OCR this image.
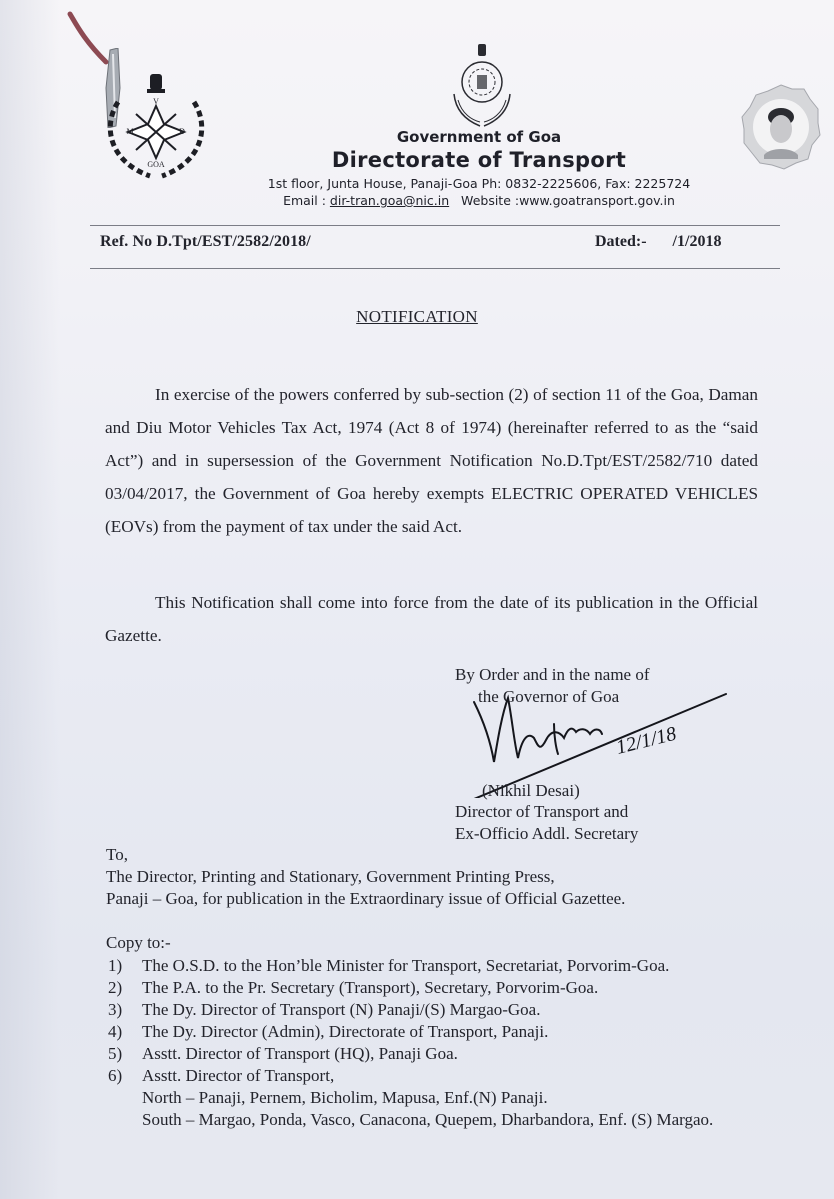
V
M	D
GOA
Government of Goa
Directorate of Transport
1st floor, Junta House, Panaji-Goa Ph: 0832-2225606, Fax: 2225724
Email : dir-tran.goa@nic.in   Website :www.goatransport.gov.in
Ref. No D.Tpt/EST/2582/2018/	Dated:- /1/2018
NOTIFICATION
In exercise of the powers conferred by sub-section (2) of section 11 of the Goa, Daman and Diu Motor Vehicles Tax Act, 1974 (Act 8 of 1974) (hereinafter referred to as the “said Act”) and in supersession of the Government Notification No.D.Tpt/EST/2582/710 dated 03/04/2017, the Government of Goa hereby exempts ELECTRIC OPERATED VEHICLES (EOVs) from the payment of tax under the said Act.
This Notification shall come into force from the date of its publication in the Official Gazette.
By Order and in the name of
the Governor of Goa
12/1/18
(Nikhil Desai)
Director of Transport and
Ex-Officio Addl. Secretary
To,
The Director, Printing and Stationary, Government Printing Press,
Panaji – Goa, for publication in the Extraordinary issue of Official Gazettee.
Copy to:-
1)	The O.S.D. to the Hon’ble Minister for Transport, Secretariat, Porvorim-Goa.
2)	The P.A. to the Pr. Secretary (Transport), Secretary, Porvorim-Goa.
3)	The Dy. Director of Transport (N) Panaji/(S) Margao-Goa.
4)	The Dy. Director (Admin), Directorate of Transport, Panaji.
5)	Asstt. Director of Transport (HQ), Panaji Goa.
6)	Asstt. Director of Transport,
North – Panaji, Pernem, Bicholim, Mapusa, Enf.(N) Panaji.
South – Margao, Ponda, Vasco, Canacona, Quepem, Dharbandora, Enf. (S) Margao.
